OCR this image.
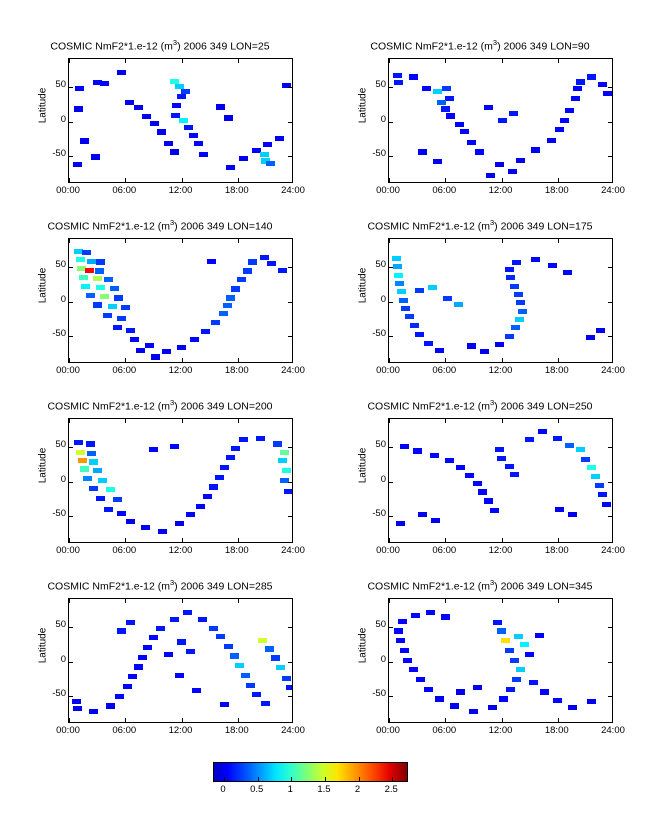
COSMIC NmF2*1.e-12 $(m^3)$ 2006 349 LON=25
Latitude
50
0
-50
00:00	06:00	12:00	18:00	24:00
COSMIC NmF2*1.e-12 $(m^3)$ 2006 349 LON=90
Latitude
50
0
-50
00:00	06:00	12:00	18:00	24:00
COSMIC NmF2*1.e-12 $(m^3)$ 2006 349 LON=140
Latitude
50
0
-50
00:00	06:00	12:00	18:00	24:00
COSMIC NmF2*1.e-12 $(m^3)$ 2006 349 LON=175
Latitude
50
0
-50
00:00	06:00	12:00	18:00	24:00
COSMIC NmF2*1.e-12 $(m^3)$ 2006 349 LON=200
Latitude
50
0
-50
00:00	06:00	12:00	18:00	24:00
COSMIC NmF2*1.e-12 $(m^3)$ 2006 349 LON=250
Latitude
50
0
-50
00:00	06:00	12:00	18:00	24:00
COSMIC NmF2*1.e-12 $(m^3)$ 2006 349 LON=285
Latitude
50
0
-50
00:00	06:00	12:00	18:00	24:00
COSMIC NmF2*1.e-12 $(m^3)$ 2006 349 LON=345
Latitude
50
0
-50
00:00	06:00	12:00	18:00	24:00
0	0.5	1	1.5	2	2.5
